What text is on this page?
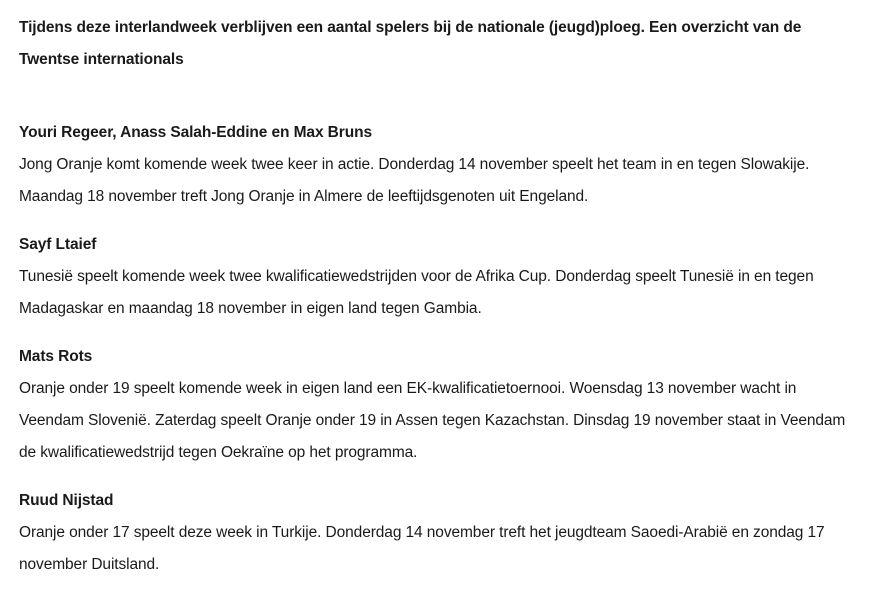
Tijdens deze interlandweek verblijven een aantal spelers bij de nationale (jeugd)ploeg. Een overzicht van de Twentse internationals

Youri Regeer, Anass Salah-Eddine en Max Bruns

Jong Oranje komt komende week twee keer in actie. Donderdag 14 november speelt het team in en tegen Slowakije. Maandag 18 november treft Jong Oranje in Almere de leeftijdsgenoten uit Engeland.

Sayf Ltaief

Tunesië speelt komende week twee kwalificatiewedstrijden voor de Afrika Cup. Donderdag speelt Tunesië in en tegen Madagaskar en maandag 18 november in eigen land tegen Gambia.

Mats Rots

Oranje onder 19 speelt komende week in eigen land een EK-kwalificatietoernooi. Woensdag 13 november wacht in Veendam Slovenië. Zaterdag speelt Oranje onder 19 in Assen tegen Kazachstan. Dinsdag 19 november staat in Veendam de kwalificatiewedstrijd tegen Oekraïne op het programma.

Ruud Nijstad

Oranje onder 17 speelt deze week in Turkije. Donderdag 14 november treft het jeugdteam Saoedi-Arabië en zondag 17 november Duitsland.
